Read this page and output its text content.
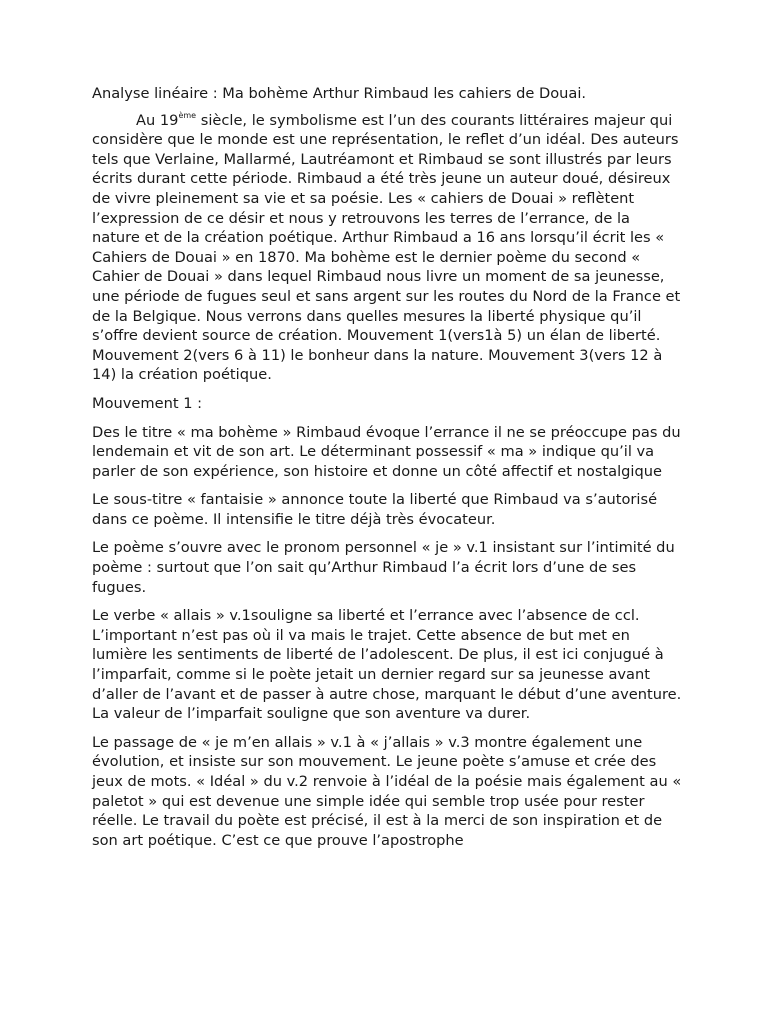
Analyse linéaire : Ma bohème Arthur Rimbaud les cahiers de Douai.

Au 19ème siècle, le symbolisme est l’un des courants littéraires majeur qui considère que le monde est une représentation, le reflet d’un idéal. Des auteurs tels que Verlaine, Mallarmé, Lautréamont et Rimbaud se sont illustrés par leurs écrits durant cette période. Rimbaud a été très jeune un auteur doué, désireux de vivre pleinement sa vie et sa poésie. Les « cahiers de Douai » reflètent l’expression de ce désir et nous y retrouvons les terres de l’errance, de la nature et de la création poétique. Arthur Rimbaud a 16 ans lorsqu’il écrit les « Cahiers de Douai » en 1870. Ma bohème est le dernier poème du second « Cahier de Douai » dans lequel Rimbaud nous livre un moment de sa jeunesse, une période de fugues seul et sans argent sur les routes du Nord de la France et de la Belgique. Nous verrons dans quelles mesures la liberté physique qu’il s’offre devient source de création. Mouvement 1(vers1à 5) un élan de liberté. Mouvement 2(vers 6 à 11) le bonheur dans la nature. Mouvement 3(vers 12 à 14) la création poétique.

Mouvement 1 :

Des le titre « ma bohème » Rimbaud évoque l’errance il ne se préoccupe pas du lendemain et vit de son art. Le déterminant possessif « ma » indique qu’il va parler de son expérience, son histoire et donne un côté affectif et nostalgique

Le sous-titre « fantaisie » annonce toute la liberté que Rimbaud va s’autorisé dans ce poème. Il intensifie le titre déjà très évocateur.

Le poème s’ouvre avec le pronom personnel « je » v.1 insistant sur l’intimité du poème : surtout que l’on sait qu’Arthur Rimbaud l’a écrit lors d’une de ses fugues.

Le verbe « allais » v.1souligne sa liberté et l’errance avec l’absence de ccl. L’important n’est pas où il va mais le trajet. Cette absence de but met en lumière les sentiments de liberté de l’adolescent. De plus, il est ici conjugué à l’imparfait, comme si le poète jetait un dernier regard sur sa jeunesse avant d’aller de l’avant et de passer à autre chose, marquant le début d’une aventure. La valeur de l’imparfait souligne que son aventure va durer.

Le passage de « je m’en allais » v.1 à « j’allais » v.3 montre également une évolution, et insiste sur son mouvement. Le jeune poète s’amuse et crée des jeux de mots. « Idéal » du v.2 renvoie à l’idéal de la poésie mais également au « paletot » qui est devenue une simple idée qui semble trop usée pour rester réelle. Le travail du poète est précisé, il est à la merci de son inspiration et de son art poétique. C’est ce que prouve l’apostrophe
